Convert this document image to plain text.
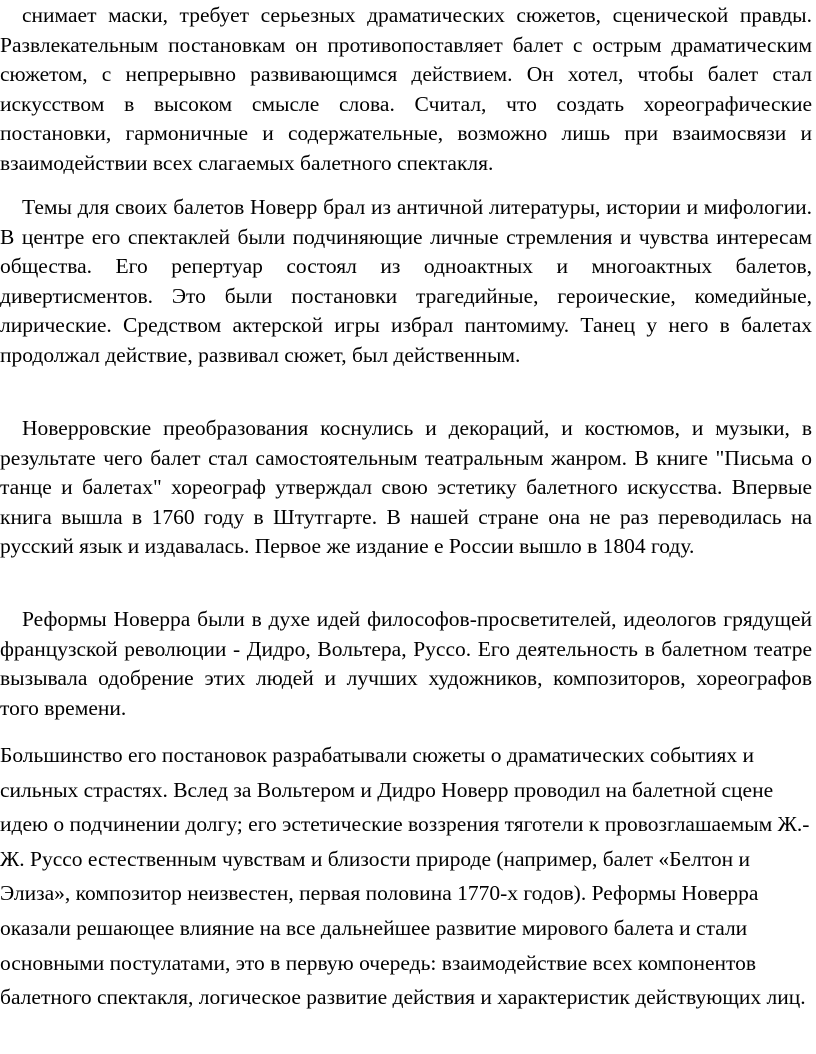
снимает маски, требует серьезных драматических сюжетов, сценической правды. Развлекательным постановкам он противопоставляет балет с острым драматическим сюжетом, с непрерывно развивающимся действием. Он хотел, чтобы балет стал искусством в высоком смысле слова. Считал, что создать хореографические постановки, гармоничные и содержательные, возможно лишь при взаимосвязи и взаимодействии всех слагаемых балетного спектакля.

Темы для своих балетов Новерр брал из античной литературы, истории и мифологии. В центре его спектаклей были подчиняющие личные стремления и чувства интересам общества. Его репертуар состоял из одноактных и многоактных балетов, дивертисментов. Это были постановки трагедийные, героические, комедийные, лирические. Средством актерской игры избрал пантомиму. Танец у него в балетах продолжал действие, развивал сюжет, был действенным.

Новерровские преобразования коснулись и декораций, и костюмов, и музыки, в результате чего балет стал самостоятельным театральным жанром. В книге "Письма о танце и балетах" хореограф утверждал свою эстетику балетного искусства. Впервые книга вышла в 1760 году в Штутгарте. В нашей стране она не раз переводилась на русский язык и издавалась. Первое же издание е России вышло в 1804 году.

Реформы Новерра были в духе идей философов-просветителей, идеологов грядущей французской революции - Дидро, Вольтера, Руссо. Его деятельность в балетном театре вызывала одобрение этих людей и лучших художников, композиторов, хореографов того времени.

Большинство его постановок разрабатывали сюжеты о драматических событиях и сильных страстях. Вслед за Вольтером и Дидро Новерр проводил на балетной сцене идею о подчинении долгу; его эстетические воззрения тяготели к провозглашаемым Ж.-Ж. Руссо естественным чувствам и близости природе (например, балет «Белтон и Элиза», композитор неизвестен, первая половина 1770-х годов). Реформы Новерра оказали решающее влияние на все дальнейшее развитие мирового балета и стали основными постулатами, это в первую очередь: взаимодействие всех компонентов балетного спектакля, логическое развитие действия и характеристик действующих лиц.
